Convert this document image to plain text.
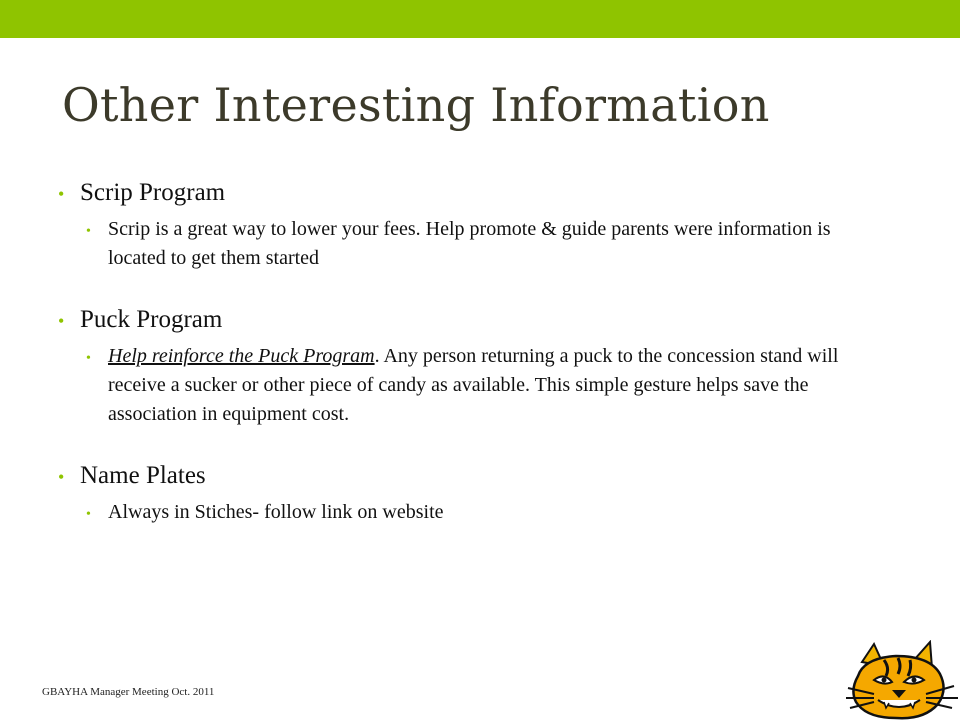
Other Interesting Information
• Scrip Program
• Scrip is a great way to lower your fees. Help promote & guide parents were information is located to get them started
• Puck Program
• Help reinforce the Puck Program. Any person returning a puck to the concession stand will receive a sucker or other piece of candy as available. This simple gesture helps save the association in equipment cost.
• Name Plates
• Always in Stiches- follow link on website
GBAYHA Manager Meeting Oct. 2011
